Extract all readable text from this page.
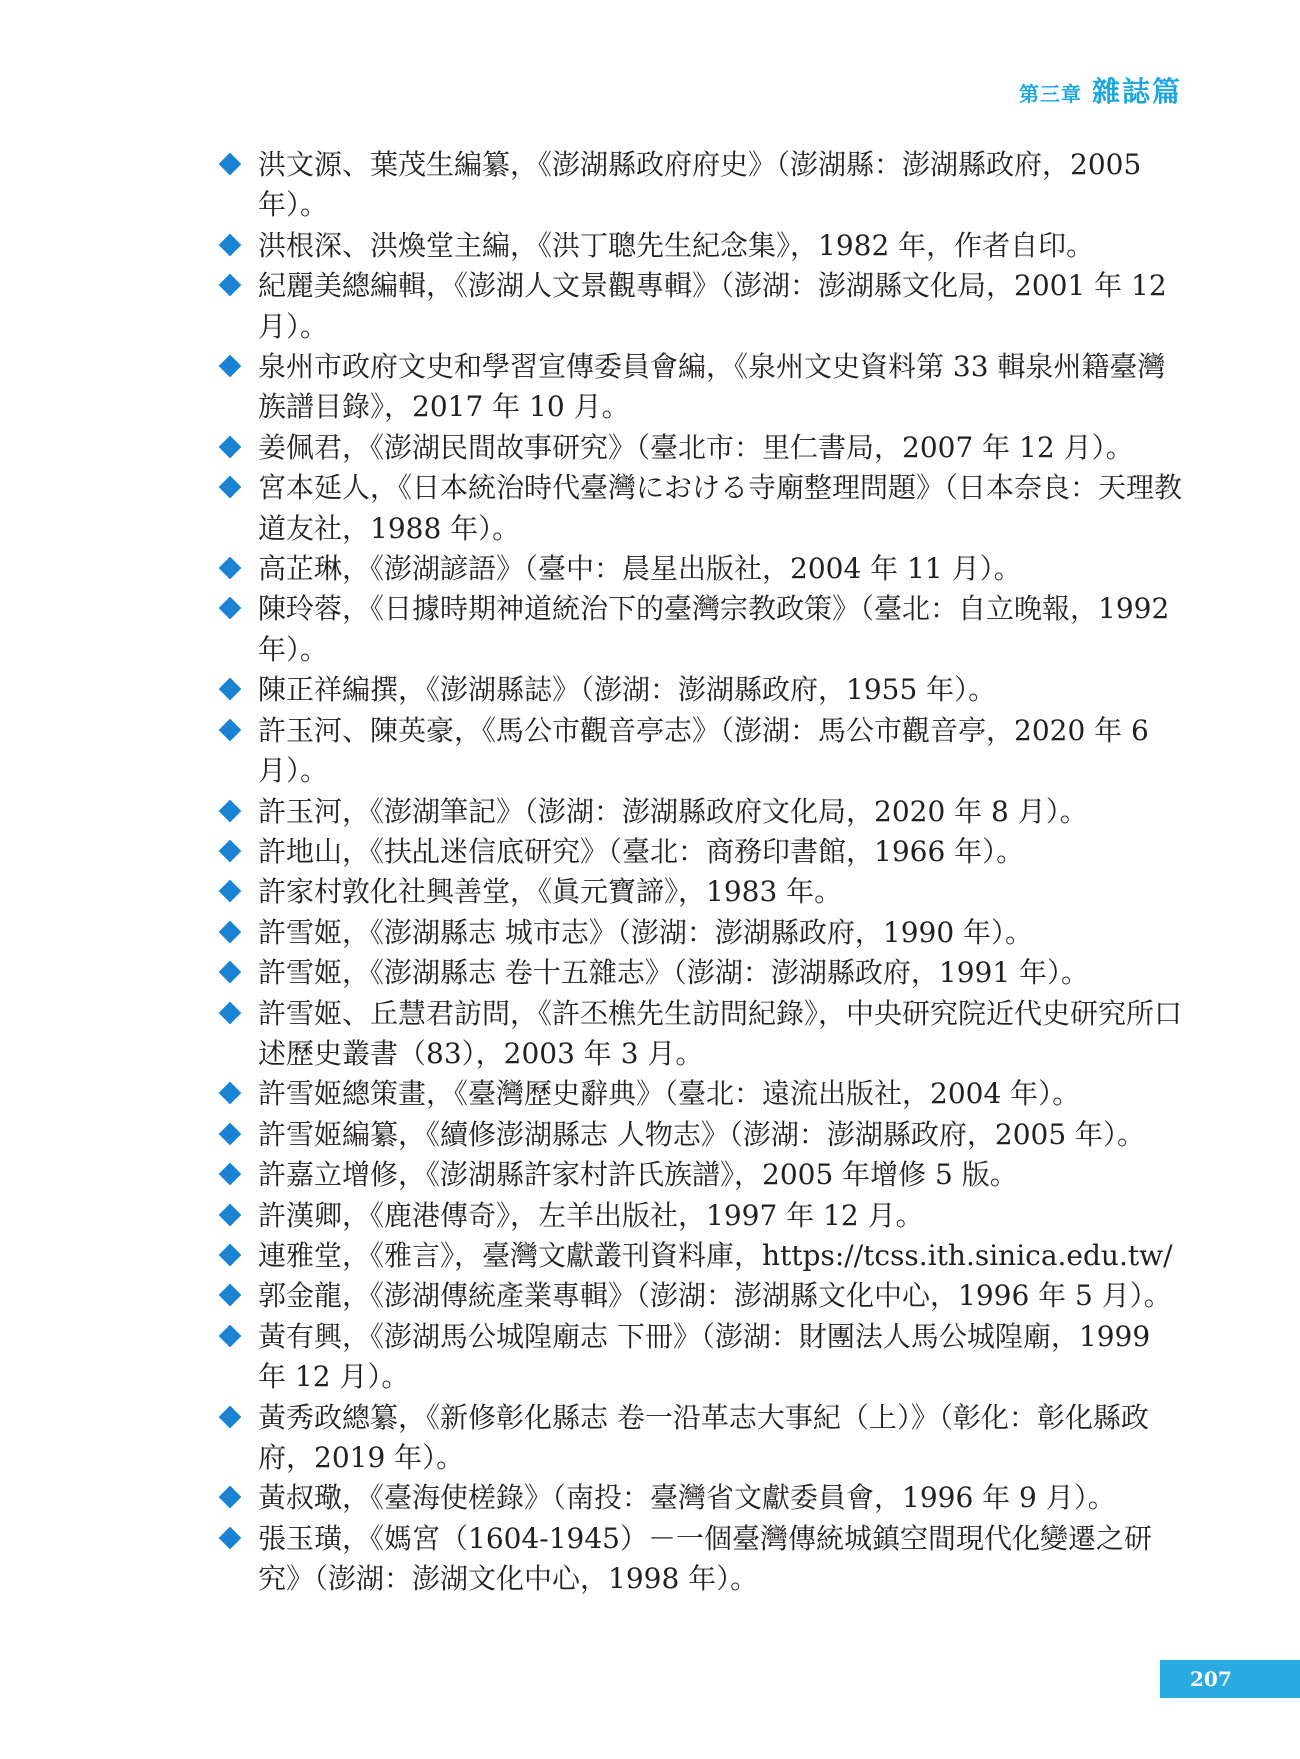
第三章 雜誌篇
洪文源、葉茂生編纂，《澎湖縣政府府史》（澎湖縣：澎湖縣政府，2005 年）。
洪根深、洪煥堂主編，《洪丁聰先生紀念集》，1982 年，作者自印。
紀麗美總編輯，《澎湖人文景觀專輯》（澎湖：澎湖縣文化局，2001 年 12 月）。
泉州市政府文史和學習宣傳委員會編，《泉州文史資料第 33 輯泉州籍臺灣族譜目錄》，2017 年 10 月。
姜佩君，《澎湖民間故事研究》（臺北市：里仁書局，2007 年 12 月）。
宮本延人，《日本統治時代臺灣における寺廟整理問題》（日本奈良：天理教道友社，1988 年）。
高芷琳，《澎湖諺語》（臺中：晨星出版社，2004 年 11 月）。
陳玲蓉，《日據時期神道統治下的臺灣宗教政策》（臺北：自立晚報，1992 年）。
陳正祥編撰，《澎湖縣誌》（澎湖：澎湖縣政府，1955 年）。
許玉河、陳英豪，《馬公市觀音亭志》（澎湖：馬公市觀音亭，2020 年 6 月）。
許玉河，《澎湖筆記》（澎湖：澎湖縣政府文化局，2020 年 8 月）。
許地山，《扶乩迷信底研究》（臺北：商務印書館，1966 年）。
許家村敦化社興善堂，《眞元寶諦》，1983 年。
許雪姬，《澎湖縣志 城市志》（澎湖：澎湖縣政府，1990 年）。
許雪姬，《澎湖縣志 卷十五雜志》（澎湖：澎湖縣政府，1991 年）。
許雪姬、丘慧君訪問，《許丕樵先生訪問紀錄》，中央研究院近代史研究所口述歷史叢書（83），2003 年 3 月。
許雪姬總策畫，《臺灣歷史辭典》（臺北：遠流出版社，2004 年）。
許雪姬編纂，《續修澎湖縣志 人物志》（澎湖：澎湖縣政府，2005 年）。
許嘉立增修，《澎湖縣許家村許氏族譜》，2005 年增修 5 版。
許漢卿，《鹿港傳奇》，左羊出版社，1997 年 12 月。
連雅堂，《雅言》，臺灣文獻叢刊資料庫，https://tcss.ith.sinica.edu.tw/
郭金龍，《澎湖傳統產業專輯》（澎湖：澎湖縣文化中心，1996 年 5 月）。
黃有興，《澎湖馬公城隍廟志 下冊》（澎湖：財團法人馬公城隍廟，1999 年 12 月）。
黃秀政總纂，《新修彰化縣志 卷一沿革志大事紀（上）》（彰化：彰化縣政府，2019 年）。
黃叔璥，《臺海使槎錄》（南投：臺灣省文獻委員會，1996 年 9 月）。
張玉璜，《媽宮（1604-1945）－一個臺灣傳統城鎮空間現代化變遷之研究》（澎湖：澎湖文化中心，1998 年）。
207
